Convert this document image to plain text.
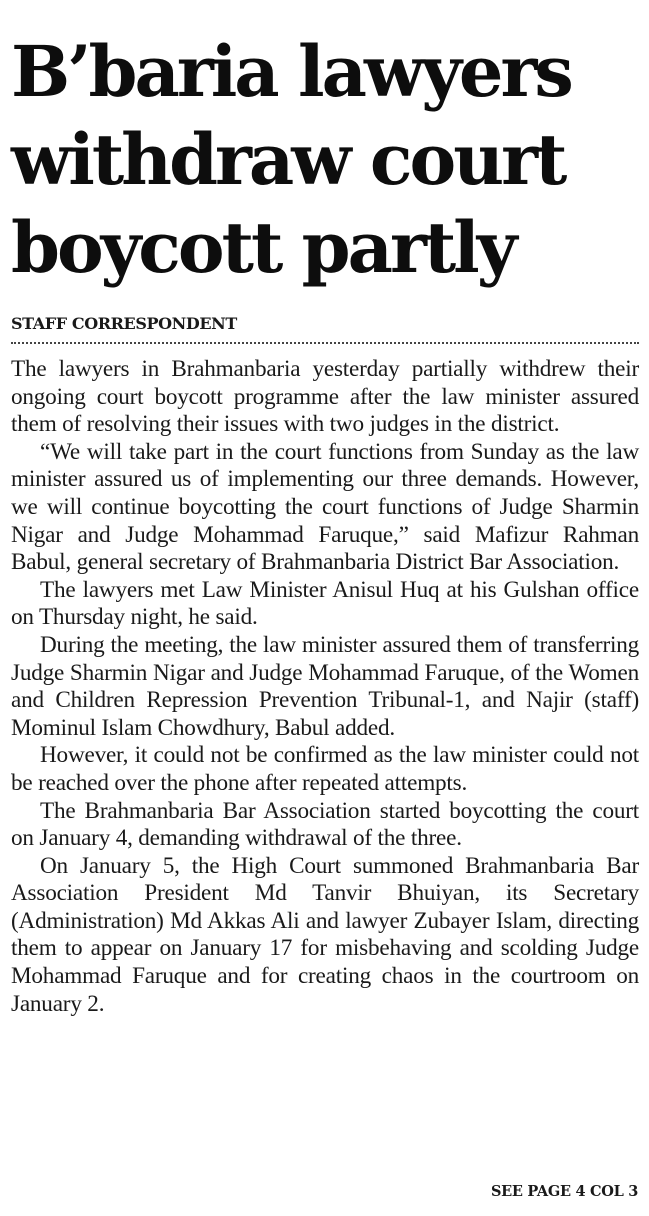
B’baria lawyers
withdraw court
boycott partly
STAFF CORRESPONDENT

The lawyers in Brahmanbaria yesterday partially withdrew their ongoing court boycott programme after the law minister assured them of resolving their issues with two judges in the district.

“We will take part in the court functions from Sunday as the law minister assured us of implementing our three demands. However, we will continue boycotting the court functions of Judge Sharmin Nigar and Judge Mohammad Faruque,” said Mafizur Rahman Babul, general secretary of Brahmanbaria District Bar Association.

The lawyers met Law Minister Anisul Huq at his Gulshan office on Thursday night, he said.

During the meeting, the law minister assured them of transferring Judge Sharmin Nigar and Judge Mohammad Faruque, of the Women and Children Repression Prevention Tribunal-1, and Najir (staff) Mominul Islam Chowdhury, Babul added.

However, it could not be confirmed as the law minister could not be reached over the phone after repeated attempts.

The Brahmanbaria Bar Association started boycotting the court on January 4, demanding withdrawal of the three.

On January 5, the High Court summoned Brahmanbaria Bar Association President Md Tanvir Bhuiyan, its Secretary (Administration) Md Akkas Ali and lawyer Zubayer Islam, directing them to appear on January 17 for misbehaving and scolding Judge Mohammad Faruque and for creating chaos in the courtroom on January 2.

SEE PAGE 4 COL 3
